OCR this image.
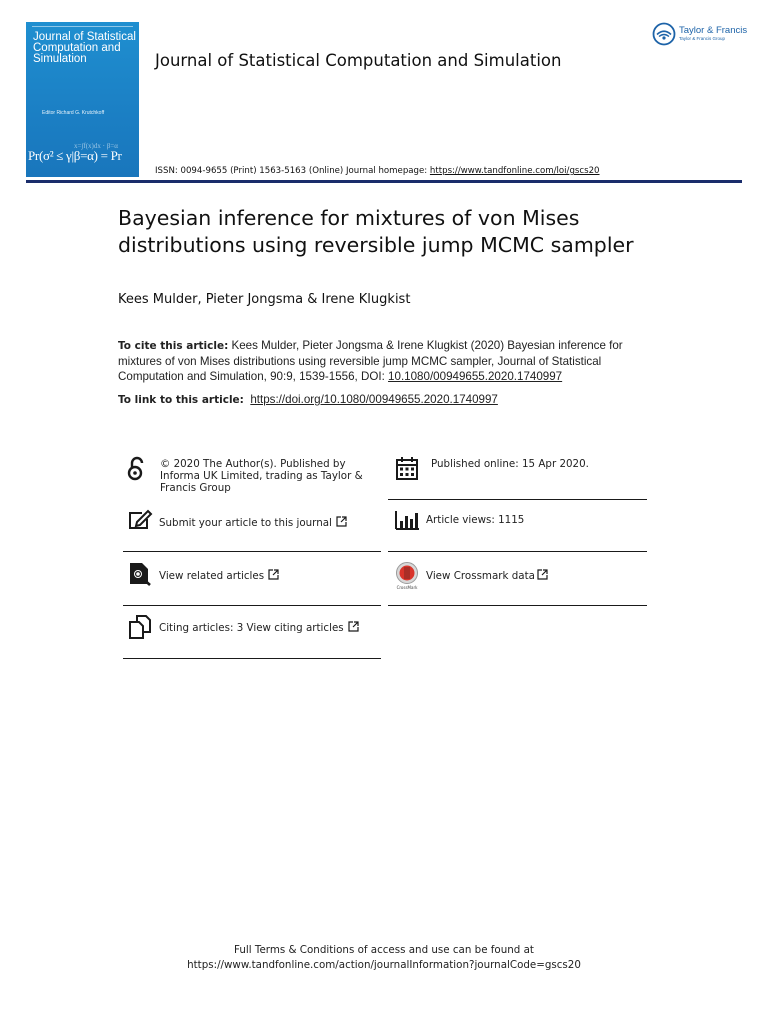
Journal of Statistical Computation and Simulation
Editor Richard G. Krutchkoff
x=∫f(x)dx · β=α
Pr(σ² ≤ γ|β=α) = Pr
Journal of Statistical Computation and Simulation
Taylor & Francis
Taylor & Francis Group
ISSN: 0094-9655 (Print) 1563-5163 (Online) Journal homepage: https://www.tandfonline.com/loi/gscs20
Bayesian inference for mixtures of von Mises distributions using reversible jump MCMC sampler
Kees Mulder, Pieter Jongsma & Irene Klugkist
To cite this article: Kees Mulder, Pieter Jongsma & Irene Klugkist (2020) Bayesian inference for mixtures of von Mises distributions using reversible jump MCMC sampler, Journal of Statistical Computation and Simulation, 90:9, 1539-1556, DOI: 10.1080/00949655.2020.1740997
To link to this article: https://doi.org/10.1080/00949655.2020.1740997
© 2020 The Author(s). Published by Informa UK Limited, trading as Taylor & Francis Group
Published online: 15 Apr 2020.
Submit your article to this journal	Article views: 1115
View related articles
CrossMark
View Crossmark data
Citing articles: 3 View citing articles
Full Terms & Conditions of access and use can be found at
https://www.tandfonline.com/action/journalInformation?journalCode=gscs20
